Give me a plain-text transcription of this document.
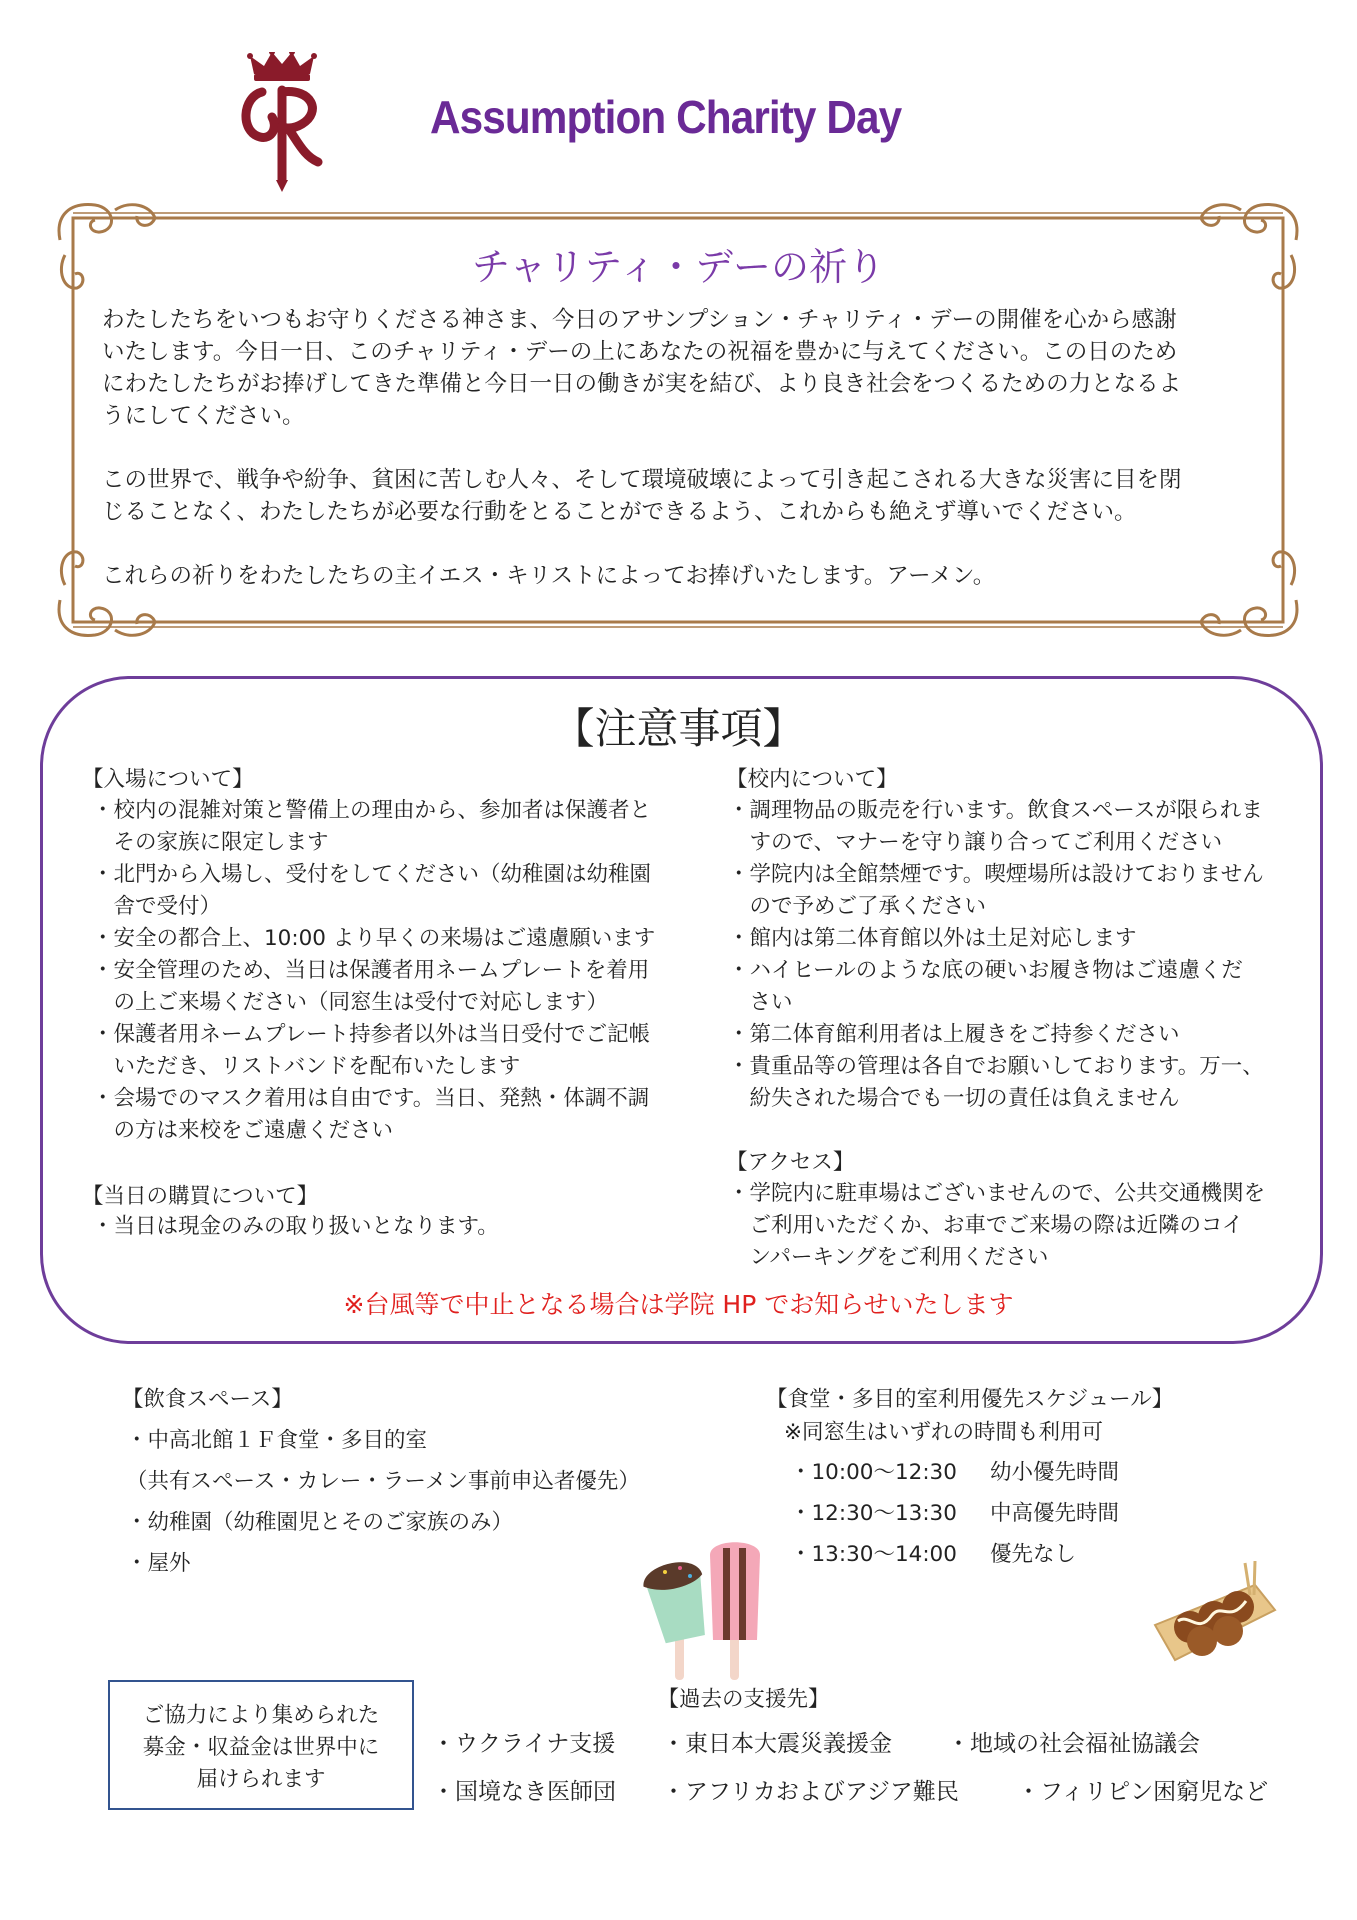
Assumption Charity Day
チャリティ・デーの祈り
わたしたちをいつもお守りくださる神さま、今日のアサンプション・チャリティ・デーの開催を心から感謝
いたします。今日一日、このチャリティ・デーの上にあなたの祝福を豊かに与えてください。この日のため
にわたしたちがお捧げしてきた準備と今日一日の働きが実を結び、より良き社会をつくるための力となるよ
うにしてください。
この世界で、戦争や紛争、貧困に苦しむ人々、そして環境破壊によって引き起こされる大きな災害に目を閉
じることなく、わたしたちが必要な行動をとることができるよう、これからも絶えず導いでください。
これらの祈りをわたしたちの主イエス・キリストによってお捧げいたします。アーメン。
【注意事項】
【入場について】
・校内の混雑対策と警備上の理由から、参加者は保護者と
　その家族に限定します
・北門から入場し、受付をしてください（幼稚園は幼稚園
　舎で受付）
・安全の都合上、10:00 より早くの来場はご遠慮願います
・安全管理のため、当日は保護者用ネームプレートを着用
　の上ご来場ください（同窓生は受付で対応します）
・保護者用ネームプレート持参者以外は当日受付でご記帳
　いただき、リストバンドを配布いたします
・会場でのマスク着用は自由です。当日、発熱・体調不調
　の方は来校をご遠慮ください
【当日の購買について】
・当日は現金のみの取り扱いとなります。
【校内について】
・調理物品の販売を行います。飲食スペースが限られま
　すので、マナーを守り譲り合ってご利用ください
・学院内は全館禁煙です。喫煙場所は設けておりません
　ので予めご了承ください
・館内は第二体育館以外は土足対応します
・ハイヒールのような底の硬いお履き物はご遠慮くだ
　さい
・第二体育館利用者は上履きをご持参ください
・貴重品等の管理は各自でお願いしております。万一、
　紛失された場合でも一切の責任は負えません
【アクセス】
・学院内に駐車場はございませんので、公共交通機関を
　ご利用いただくか、お車でご来場の際は近隣のコイ
　ンパーキングをご利用ください
※台風等で中止となる場合は学院 HP でお知らせいたします
【飲食スペース】
・中高北館１Ｆ食堂・多目的室
（共有スペース・カレー・ラーメン事前申込者優先）
・幼稚園（幼稚園児とそのご家族のみ）
・屋外
【食堂・多目的室利用優先スケジュール】
※同窓生はいずれの時間も利用可
・10:00～12:30 幼小優先時間
・12:30～13:30 中高優先時間
・13:30～14:00 優先なし
ご協力により集められた
募金・収益金は世界中に
届けられます
【過去の支援先】
・ウクライナ支援 ・東日本大震災義援金 ・地域の社会福祉協議会
・国境なき医師団 ・アフリカおよびアジア難民	・フィリピン困窮児など
